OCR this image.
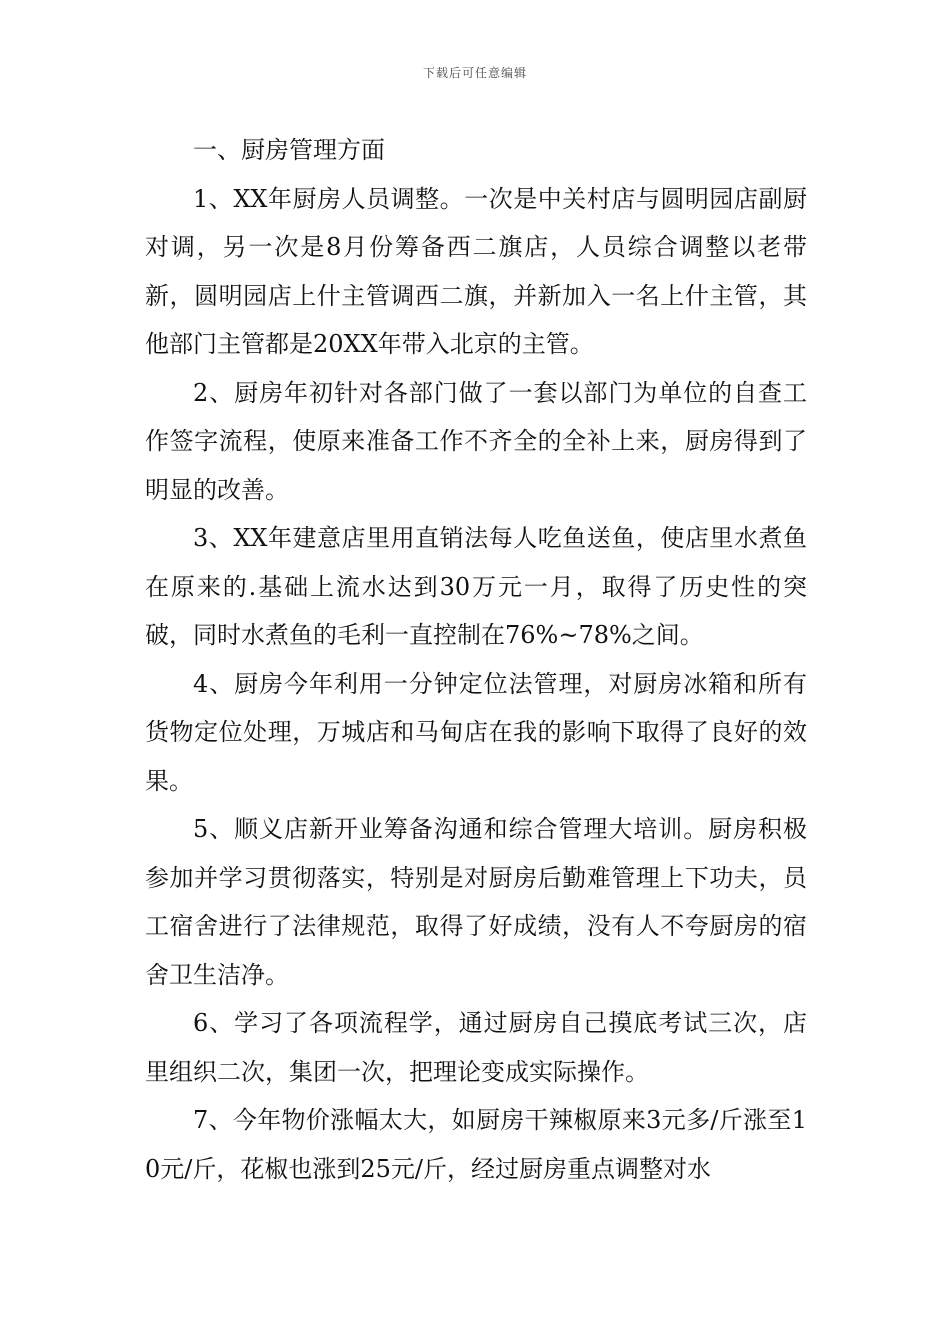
下载后可任意编辑

一、厨房管理方面

1、XX年厨房人员调整。一次是中关村店与圆明园店副厨对调，另一次是8月份筹备西二旗店，人员综合调整以老带新，圆明园店上什主管调西二旗，并新加入一名上什主管，其他部门主管都是20XX年带入北京的主管。

2、厨房年初针对各部门做了一套以部门为单位的自查工作签字流程，使原来准备工作不齐全的全补上来，厨房得到了明显的改善。

3、XX年建意店里用直销法每人吃鱼送鱼，使店里水煮鱼在原来的.基础上流水达到30万元一月，取得了历史性的突破，同时水煮鱼的毛利一直控制在76%~78%之间。

4、厨房今年利用一分钟定位法管理，对厨房冰箱和所有货物定位处理，万城店和马甸店在我的影响下取得了良好的效果。

5、顺义店新开业筹备沟通和综合管理大培训。厨房积极参加并学习贯彻落实，特别是对厨房后勤难管理上下功夫，员工宿舍进行了法律规范，取得了好成绩，没有人不夸厨房的宿舍卫生洁净。

6、学习了各项流程学，通过厨房自己摸底考试三次，店里组织二次，集团一次，把理论变成实际操作。

7、今年物价涨幅太大，如厨房干辣椒原来3元多/斤涨至10元/斤，花椒也涨到25元/斤，经过厨房重点调整对水
